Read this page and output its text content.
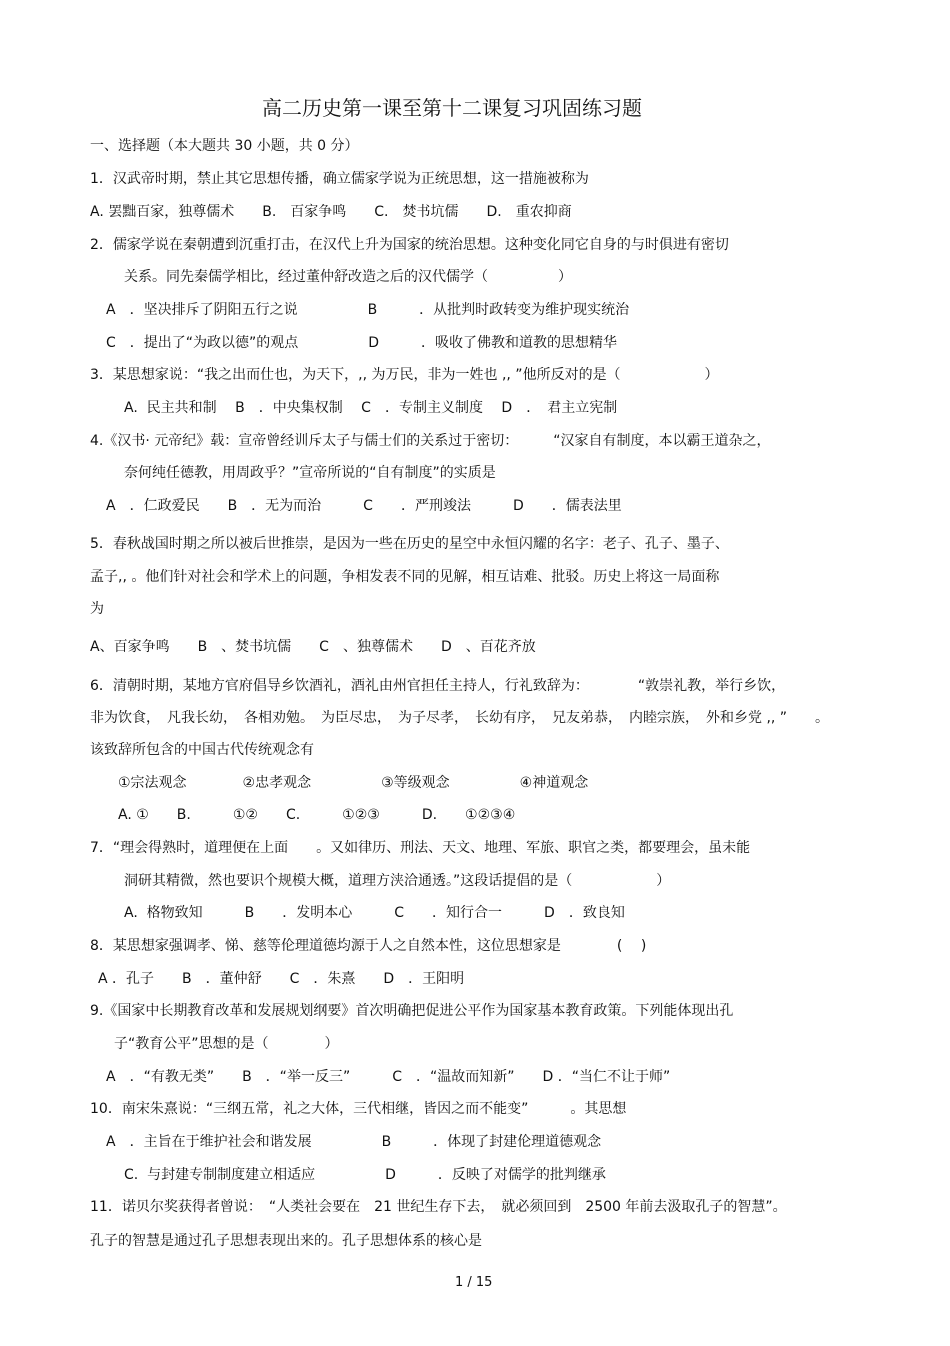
高二历史第一课至第十二课复习巩固练习题
一、选择题（本大题共 30 小题，共 0 分）
1．汉武帝时期，禁止其它思想传播，确立儒家学说为正统思想，这一措施被称为
A. 罢黜百家，独尊儒术　　B.　百家争鸣　　C.　焚书坑儒　　D.　重农抑商
2．儒家学说在秦朝遭到沉重打击，在汉代上升为国家的统治思想。这种变化同它自身的与时俱进有密切
关系。同先秦儒学相比，经过董仲舒改造之后的汉代儒学（　　　　　）
A　．坚决排斥了阴阳五行之说　　　　　B　　　．从批判时政转变为维护现实统治
C　．提出了“为政以德”的观点　　　　　D　　　．吸收了佛教和道教的思想精华
3．某思想家说：“我之出而仕也，为天下，,, 为万民，非为一姓也 ,, ”他所反对的是（　　　　　　）
A.  民主共和制　 B　．中央集权制　 C　．专制主义制度　 D　．　君主立宪制
4.《汉书· 元帝纪》载：宣帝曾经训斥太子与儒士们的关系过于密切：　　　“汉家自有制度，本以霸王道杂之，
奈何纯任德教，用周政乎？”宣帝所说的“自有制度”的实质是
A　．仁政爱民　　B　．无为而治　　　C　　．严刑竣法　　　D　　．儒表法里
5．春秋战国时期之所以被后世推崇，是因为一些在历史的星空中永恒闪耀的名字：老子、孔子、墨子、
孟子,, 。他们针对社会和学术上的问题，争相发表不同的见解，相互诘难、批驳。历史上将这一局面称
为
A、百家争鸣　　B　、焚书坑儒　　C　、独尊儒术　　D　、百花齐放
6．清朝时期，某地方官府倡导乡饮酒礼，酒礼由州官担任主持人，行礼致辞为：　　　　“敦崇礼教，举行乡饮，
非为饮食，　凡我长幼，　各相劝勉。　为臣尽忠，　为子尽孝，　长幼有序，　兄友弟恭，　内睦宗族，　外和乡党 ,, ”　　。
该致辞所包含的中国古代传统观念有
①宗法观念　　　　②忠孝观念　　　　　③等级观念　　　　　④神道观念
A. ①　　B.　　　①②　　C.　　　①②③　　　D.　　①②③④
7．“理会得熟时，道理便在上面　　。又如律历、刑法、天文、地理、军旅、职官之类，都要理会，虽未能
洞研其精微，然也要识个规模大概，道理方浃洽通透。”这段话提倡的是（　　　　　　）
A.  格物致知　　　B　　．发明本心　　　C　　．知行合一　　　D　．致良知
8．某思想家强调孝、悌、慈等伦理道德均源于人之自然本性，这位思想家是　　　　(　 )
A ．孔子　　B　．董仲舒　　C　．朱熹　　D　．王阳明
9.《国家中长期教育改革和发展规划纲要》首次明确把促进公平作为国家基本教育政策。下列能体现出孔
子“教育公平”思想的是（　　　　）
A　．“有教无类”　　B　．“举一反三”　　　C　．“温故而知新”　　D ．“当仁不让于师”
10．南宋朱熹说：“三纲五常，礼之大体，三代相继，皆因之而不能变”　　　。其思想
A　．主旨在于维护社会和谐发展　　　　　B　　　．体现了封建伦理道德观念
C.  与封建专制制度建立相适应　　　　　D　　　．反映了对儒学的批判继承
11．诺贝尔奖获得者曾说：　“人类社会要在　21 世纪生存下去，　就必须回到　2500 年前去汲取孔子的智慧”。
孔子的智慧是通过孔子思想表现出来的。孔子思想体系的核心是
1 / 15
